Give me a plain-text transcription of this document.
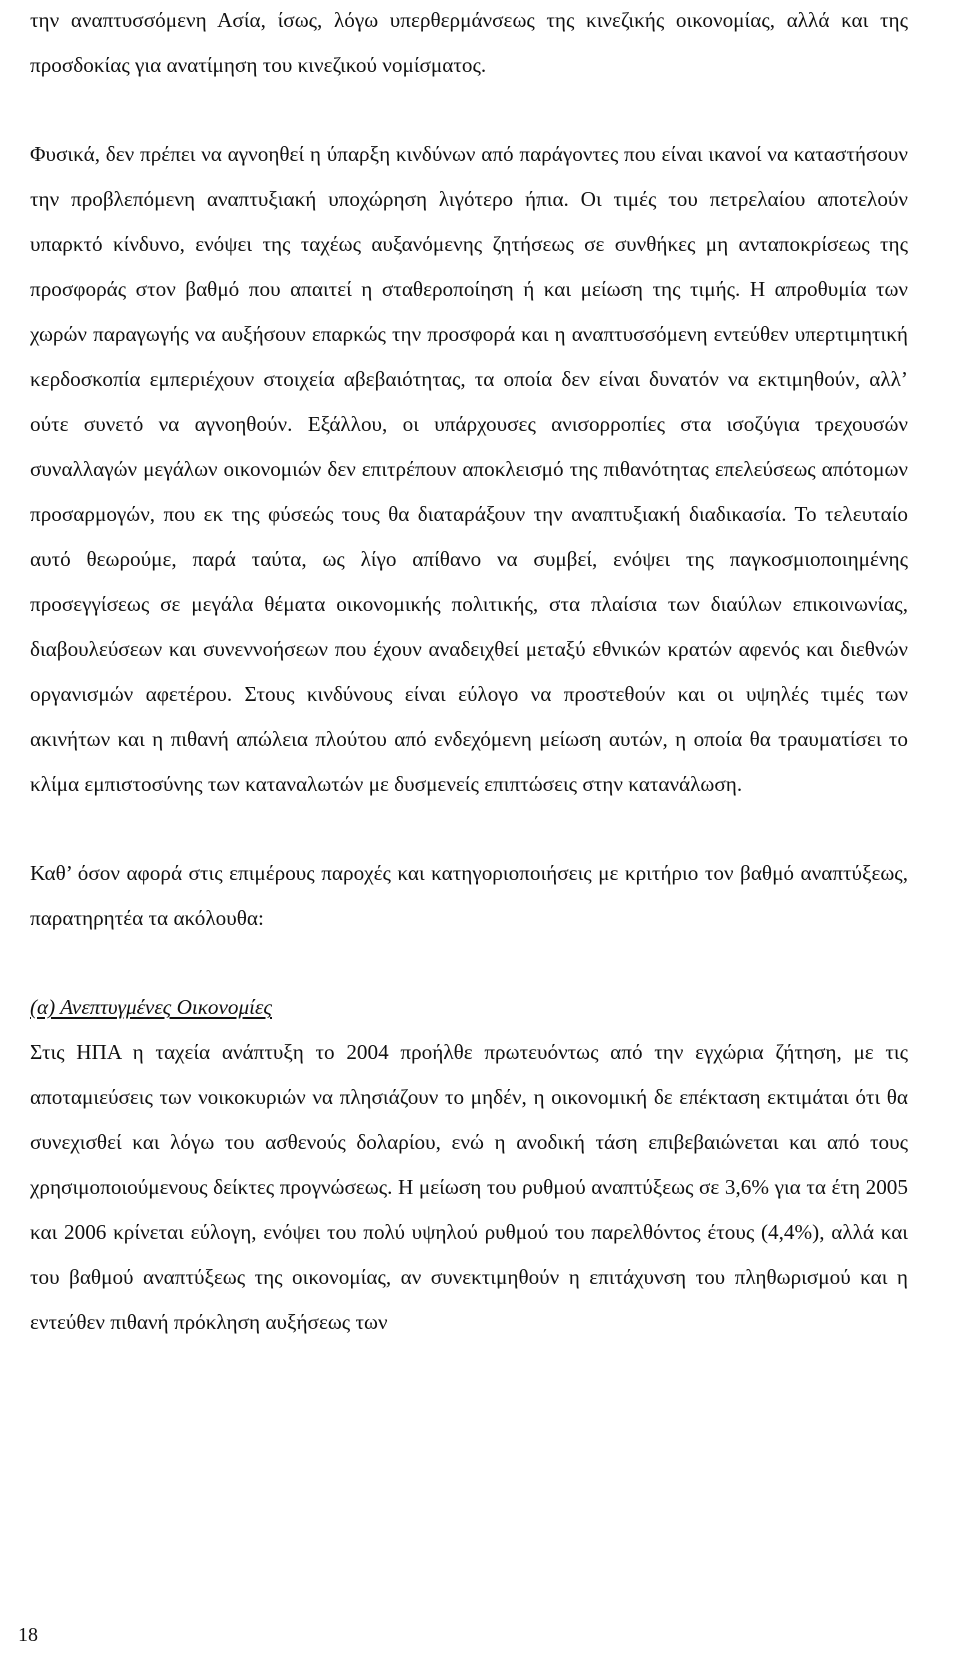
την αναπτυσσόμενη Ασία, ίσως, λόγω υπερθερμάνσεως της κινεζικής οικονομίας, αλλά και της προσδοκίας για ανατίμηση του κινεζικού νομίσματος.

Φυσικά, δεν πρέπει να αγνοηθεί η ύπαρξη κινδύνων από παράγοντες που είναι ικανοί να καταστήσουν την προβλεπόμενη αναπτυξιακή υποχώρηση λιγότερο ήπια. Οι τιμές του πετρελαίου αποτελούν υπαρκτό κίνδυνο, ενόψει της ταχέως αυξανόμενης ζητήσεως σε συνθήκες μη ανταποκρίσεως της προσφοράς στον βαθμό που απαιτεί η σταθεροποίηση ή και μείωση της τιμής. Η απροθυμία των χωρών παραγωγής να αυξήσουν επαρκώς την προσφορά και η αναπτυσσόμενη εντεύθεν υπερτιμητική κερδοσκοπία εμπεριέχουν στοιχεία αβεβαιότητας, τα οποία δεν είναι δυνατόν να εκτιμηθούν, αλλ’ ούτε συνετό να αγνοηθούν. Εξάλλου, οι υπάρχουσες ανισορροπίες στα ισοζύγια τρεχουσών συναλλαγών μεγάλων οικονομιών δεν επιτρέπουν αποκλεισμό της πιθανότητας επελεύσεως απότομων προσαρμογών, που εκ της φύσεώς τους θα διαταράξουν την αναπτυξιακή διαδικασία. Το τελευταίο αυτό θεωρούμε, παρά ταύτα, ως λίγο απίθανο να συμβεί, ενόψει της παγκοσμιοποιημένης προσεγγίσεως σε μεγάλα θέματα οικονομικής πολιτικής, στα πλαίσια των διαύλων επικοινωνίας, διαβουλεύσεων και συνεννοήσεων που έχουν αναδειχθεί μεταξύ εθνικών κρατών αφενός και διεθνών οργανισμών αφετέρου. Στους κινδύνους είναι εύλογο να προστεθούν και οι υψηλές τιμές των ακινήτων και η πιθανή απώλεια πλούτου από ενδεχόμενη μείωση αυτών, η οποία θα τραυματίσει το κλίμα εμπιστοσύνης των καταναλωτών με δυσμενείς επιπτώσεις στην κατανάλωση.

Καθ’ όσον αφορά στις επιμέρους παροχές και κατηγοριοποιήσεις με κριτήριο τον βαθμό αναπτύξεως, παρατηρητέα τα ακόλουθα:

(α) Ανεπτυγμένες Οικονομίες

Στις ΗΠΑ η ταχεία ανάπτυξη το 2004 προήλθε πρωτευόντως από την εγχώρια ζήτηση, με τις αποταμιεύσεις των νοικοκυριών να πλησιάζουν το μηδέν, η οικονομική δε επέκταση εκτιμάται ότι θα συνεχισθεί και λόγω του ασθενούς δολαρίου, ενώ η ανοδική τάση επιβεβαιώνεται και από τους χρησιμοποιούμενους δείκτες προγνώσεως. Η μείωση του ρυθμού αναπτύξεως σε 3,6% για τα έτη 2005 και 2006 κρίνεται εύλογη, ενόψει του πολύ υψηλού ρυθμού του παρελθόντος έτους (4,4%), αλλά και του βαθμού αναπτύξεως της οικονομίας, αν συνεκτιμηθούν η επιτάχυνση του πληθωρισμού και η εντεύθεν πιθανή πρόκληση αυξήσεως των

18
